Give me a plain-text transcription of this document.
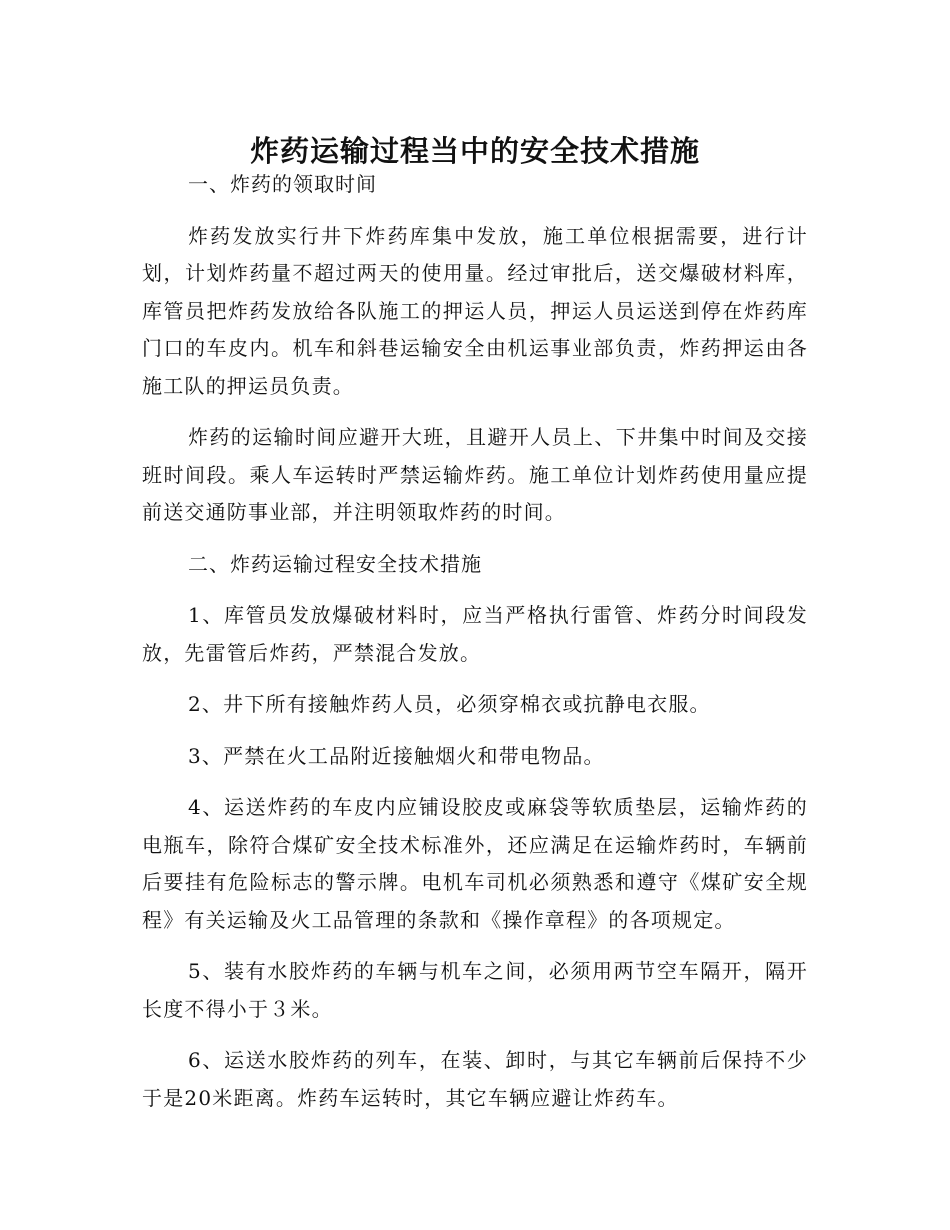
炸药运输过程当中的安全技术措施

一、炸药的领取时间

炸药发放实行井下炸药库集中发放，施工单位根据需要，进行计划，计划炸药量不超过两天的使用量。经过审批后，送交爆破材料库，库管员把炸药发放给各队施工的押运人员，押运人员运送到停在炸药库门口的车皮内。机车和斜巷运输安全由机运事业部负责，炸药押运由各施工队的押运员负责。

炸药的运输时间应避开大班，且避开人员上、下井集中时间及交接班时间段。乘人车运转时严禁运输炸药。施工单位计划炸药使用量应提前送交通防事业部，并注明领取炸药的时间。

二、炸药运输过程安全技术措施

1、库管员发放爆破材料时，应当严格执行雷管、炸药分时间段发放，先雷管后炸药，严禁混合发放。

2、井下所有接触炸药人员，必须穿棉衣或抗静电衣服。

3、严禁在火工品附近接触烟火和带电物品。

4、运送炸药的车皮内应铺设胶皮或麻袋等软质垫层，运输炸药的电瓶车，除符合煤矿安全技术标准外，还应满足在运输炸药时，车辆前后要挂有危险标志的警示牌。电机车司机必须熟悉和遵守《煤矿安全规程》有关运输及火工品管理的条款和《操作章程》的各项规定。

5、装有水胶炸药的车辆与机车之间，必须用两节空车隔开，隔开长度不得小于３米。

6、运送水胶炸药的列车，在装、卸时，与其它车辆前后保持不少于是20米距离。炸药车运转时，其它车辆应避让炸药车。
